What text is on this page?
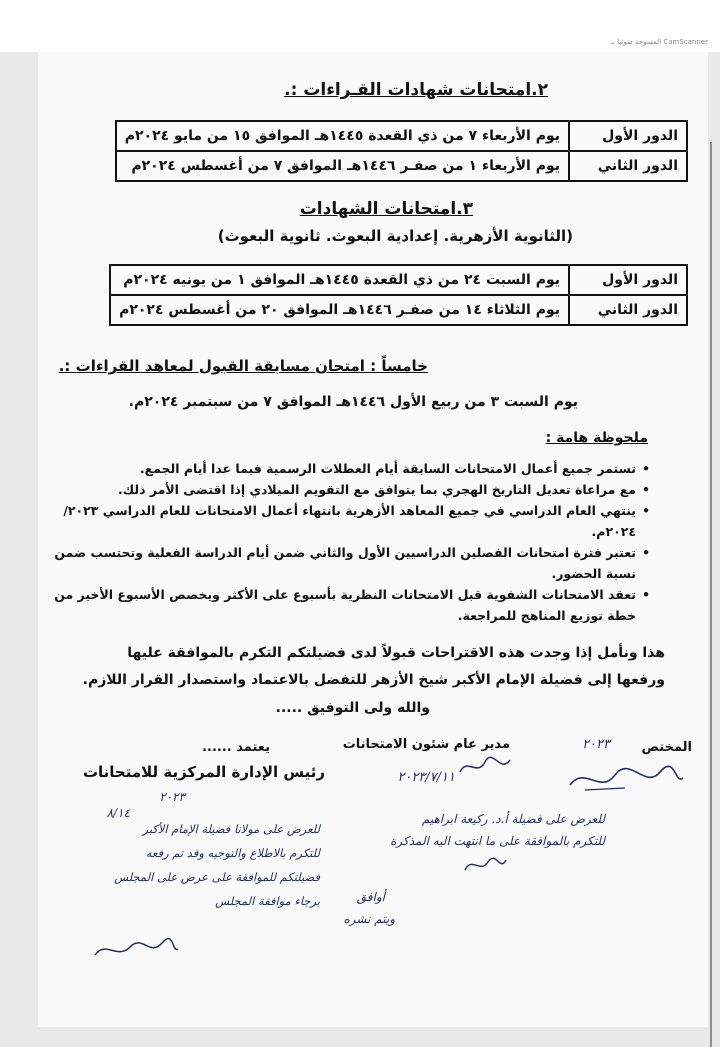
المسوحة ضوئيا بـ CamScanner
٢.امتحانات شهادات القـراءات :.
الدور الأول	يوم الأربعاء ٧ من ذي القعدة ١٤٤٥هـ الموافق ١٥ من مايو ٢٠٢٤م
الدور الثاني	يوم الأربعاء ١ من صفـر ١٤٤٦هـ الموافق ٧ من أغسطس ٢٠٢٤م
٣.امتحانات الشهادات
(الثانوية الأزهرية. إعدادية البعوث. ثانوية البعوث)
الدور الأول	يوم السبت ٢٤ من ذي القعدة ١٤٤٥هـ الموافق ١ من يونيه ٢٠٢٤م
الدور الثاني	يوم الثلاثاء ١٤ من صفـر ١٤٤٦هـ الموافق ٢٠ من أغسطس ٢٠٢٤م
خامساً : امتحان مسابقة القبول لمعاهد القراءات :.
يوم السبت ٣ من ربيع الأول ١٤٤٦هـ الموافق ٧ من سبتمبر ٢٠٢٤م.
ملحوظة هامة :
• تستمر جميع أعمال الامتحانات السابقة أيام العطلات الرسمية فيما عدا أيام الجمع.
• مع مراعاة تعديل التاريخ الهجري بما يتوافق مع التقويم الميلادي إذا اقتضى الأمر ذلك.
• ينتهي العام الدراسي في جميع المعاهد الأزهرية بانتهاء أعمال الامتحانات للعام الدراسي ٢٠٢٣/ ٢٠٢٤م.
• تعتبر فترة امتحانات الفصلين الدراسيين الأول والثاني ضمن أيام الدراسة الفعلية وتحتسب ضمن نسبة الحضور.
• تعقد الامتحانات الشفوية قبل الامتحانات النظرية بأسبوع على الأكثر ويخصص الأسبوع الأخير من خطة توزيع المناهج للمراجعة.
هذا ونأمل إذا وجدت هذه الاقتراحات قبولاً لدى فضيلتكم التكرم بالموافقة عليها
ورفعها إلى فضيلة الإمام الأكبر شيخ الأزهر للتفضل بالاعتماد واستصدار القرار اللازم.
والله ولى التوفيق .....
المختص
مدير عام شئون الامتحانات
يعتمد ......
رئيس الإدارة المركزية للامتحانات
٢٠٢٣
٢٠٢٣/٧/١١
٢٠٢٣
٨/١٤	للعرض على فضيلة أ.د. ركيعة ابراهيم
للتكرم بالموافقة على ما انتهت اليه المذكرة
للعرض على مولانا فضيلة الإمام الأكبر
للتكرم بالاطلاع والتوجيه وقد تم رفعه
فضيلتكم للموافقة على عرض على المجلس
برجاء موافقة المجلس	أوافق
ويتم نشره
